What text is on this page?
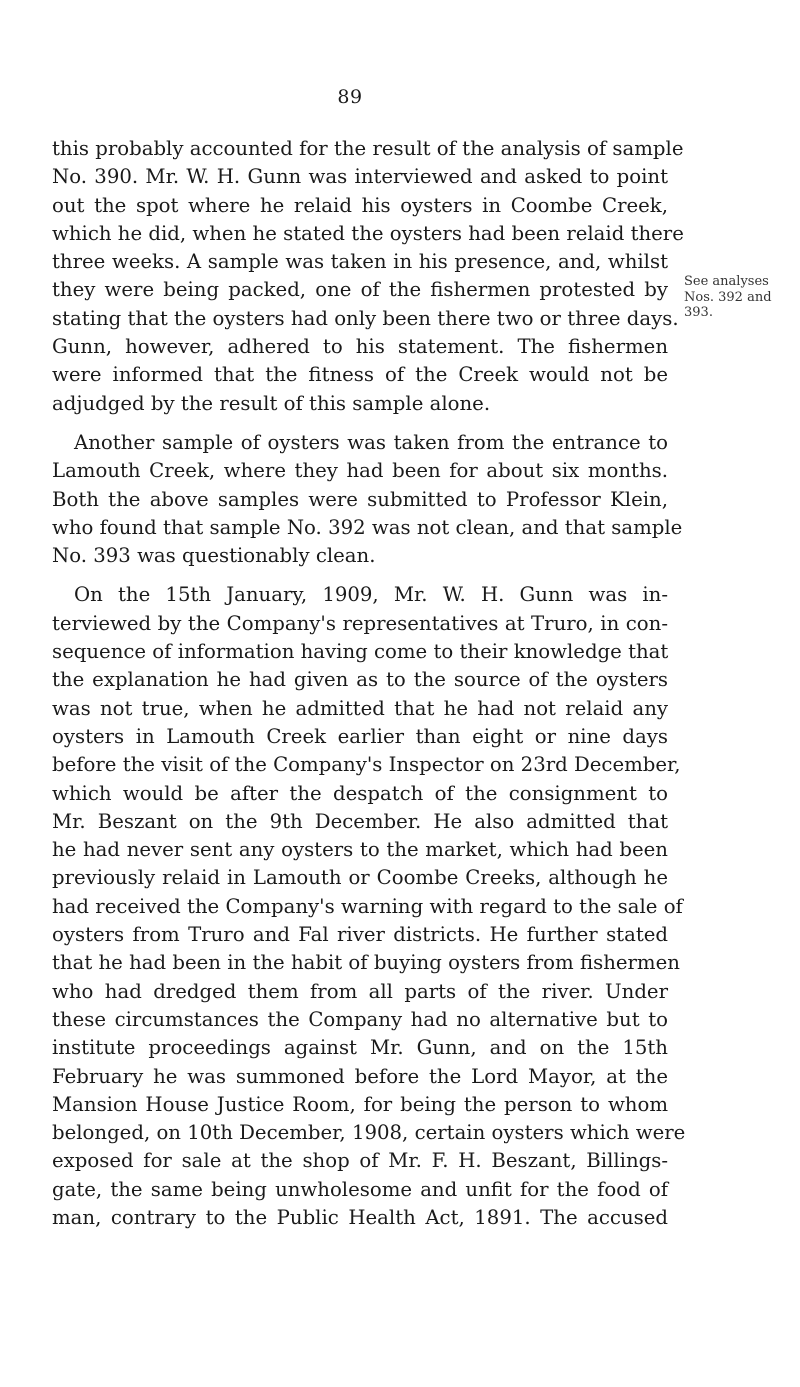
89

this probably accounted for the result of the analysis of sample
No. 390. Mr. W. H. Gunn was interviewed and asked to point
out the spot where he relaid his oysters in Coombe Creek,
which he did, when he stated the oysters had been relaid there
three weeks. A sample was taken in his presence, and, whilst
they were being packed, one of the fishermen protested by
stating that the oysters had only been there two or three days.
Gunn, however, adhered to his statement. The fishermen
were informed that the fitness of the Creek would not be
adjudged by the result of this sample alone.

Another sample of oysters was taken from the entrance to
Lamouth Creek, where they had been for about six months.
Both the above samples were submitted to Professor Klein,
who found that sample No. 392 was not clean, and that sample
No. 393 was questionably clean.

On the 15th January, 1909, Mr. W. H. Gunn was in-
terviewed by the Company's representatives at Truro, in con-
sequence of information having come to their knowledge that
the explanation he had given as to the source of the oysters
was not true, when he admitted that he had not relaid any
oysters in Lamouth Creek earlier than eight or nine days
before the visit of the Company's Inspector on 23rd December,
which would be after the despatch of the consignment to
Mr. Beszant on the 9th December. He also admitted that
he had never sent any oysters to the market, which had been
previously relaid in Lamouth or Coombe Creeks, although he
had received the Company's warning with regard to the sale of
oysters from Truro and Fal river districts. He further stated
that he had been in the habit of buying oysters from fishermen
who had dredged them from all parts of the river. Under
these circumstances the Company had no alternative but to
institute proceedings against Mr. Gunn, and on the 15th
February he was summoned before the Lord Mayor, at the
Mansion House Justice Room, for being the person to whom
belonged, on 10th December, 1908, certain oysters which were
exposed for sale at the shop of Mr. F. H. Beszant, Billings-
gate, the same being unwholesome and unfit for the food of
man, contrary to the Public Health Act, 1891. The accused

See analyses
Nos. 392 and
393.
